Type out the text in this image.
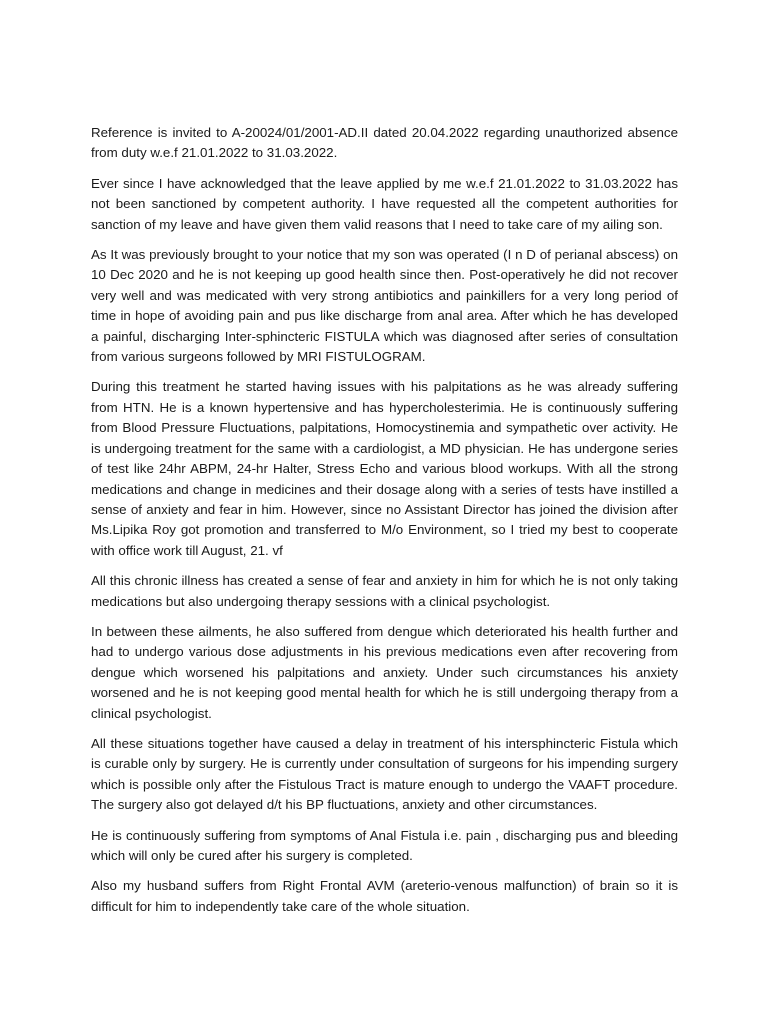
Reference is invited to A-20024/01/2001-AD.II dated 20.04.2022 regarding unauthorized absence from duty w.e.f 21.01.2022 to 31.03.2022.

Ever since I have acknowledged that the leave applied by me w.e.f 21.01.2022 to 31.03.2022 has not been sanctioned by competent authority. I have requested all the competent authorities for sanction of my leave and have given them valid reasons that I need to take care of my ailing son.

As It was previously brought to your notice that my son was operated (I n D of perianal abscess) on 10 Dec 2020 and he is not keeping up good health since then. Post-operatively he did not recover very well and was medicated with very strong antibiotics and painkillers for a very long period of time in hope of avoiding pain and pus like discharge from anal area. After which he has developed a painful, discharging Inter-sphincteric FISTULA which was diagnosed after series of consultation from various surgeons followed by MRI FISTULOGRAM.

During this treatment he started having issues with his palpitations as he was already suffering from HTN. He is a known hypertensive and has hypercholesterimia. He is continuously suffering from Blood Pressure Fluctuations, palpitations, Homocystinemia and sympathetic over activity. He is undergoing treatment for the same with a cardiologist, a MD physician. He has undergone series of test like 24hr ABPM, 24-hr Halter, Stress Echo and various blood workups. With all the strong medications and change in medicines and their dosage along with a series of tests have instilled a sense of anxiety and fear in him. However, since no Assistant Director has joined the division after Ms.Lipika Roy got promotion and transferred to M/o Environment, so I tried my best to cooperate with office work till August, 21. vf

All this chronic illness has created a sense of fear and anxiety in him for which he is not only taking medications but also undergoing therapy sessions with a clinical psychologist.

In between these ailments, he also suffered from dengue which deteriorated his health further and had to undergo various dose adjustments in his previous medications even after recovering from dengue which worsened his palpitations and anxiety. Under such circumstances his anxiety worsened and he is not keeping good mental health for which he is still undergoing therapy from a clinical psychologist.

All these situations together have caused a delay in treatment of his intersphincteric Fistula which is curable only by surgery. He is currently under consultation of surgeons for his impending surgery which is possible only after the Fistulous Tract is mature enough to undergo the VAAFT procedure. The surgery also got delayed d/t his BP fluctuations, anxiety and other circumstances.

He is continuously suffering from symptoms of Anal Fistula i.e. pain , discharging pus and bleeding which will only be cured after his surgery is completed.

Also my husband suffers from Right Frontal AVM (areterio-venous malfunction) of brain so it is difficult for him to independently take care of the whole situation.
